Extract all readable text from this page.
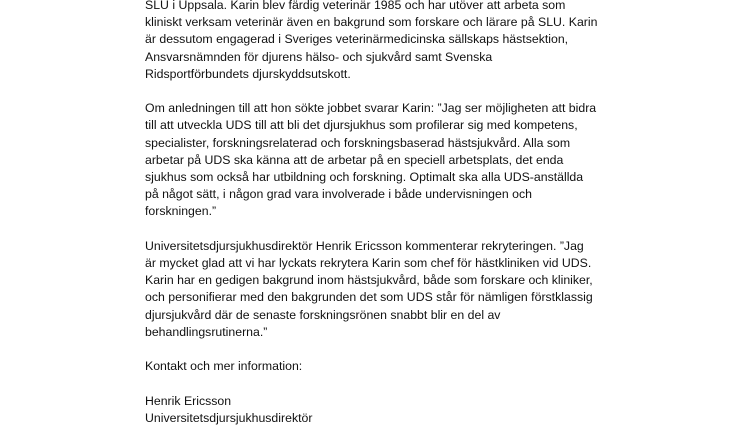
SLU i Uppsala. Karin blev färdig veterinär 1985 och har utöver att arbeta som
kliniskt verksam veterinär även en bakgrund som forskare och lärare på SLU. Karin
är dessutom engagerad i Sveriges veterinärmedicinska sällskaps hästsektion,
Ansvarsnämnden för djurens hälso- och sjukvård samt Svenska
Ridsportförbundets djurskyddsutskott.

Om anledningen till att hon sökte jobbet svarar Karin: ”Jag ser möjligheten att bidra
till att utveckla UDS till att bli det djursjukhus som profilerar sig med kompetens,
specialister, forskningsrelaterad och forskningsbaserad hästsjukvård. Alla som
arbetar på UDS ska känna att de arbetar på en speciell arbetsplats, det enda
sjukhus som också har utbildning och forskning. Optimalt ska alla UDS-anställda
på något sätt, i någon grad vara involverade i både undervisningen och
forskningen.”

Universitetsdjursjukhusdirektör Henrik Ericsson kommenterar rekryteringen. ”Jag
är mycket glad att vi har lyckats rekrytera Karin som chef för hästkliniken vid UDS.
Karin har en gedigen bakgrund inom hästsjukvård, både som forskare och kliniker,
och personifierar med den bakgrunden det som UDS står för nämligen förstklassig
djursjukvård där de senaste forskningsrönen snabbt blir en del av
behandlingsrutinerna.”

Kontakt och mer information:

Henrik Ericsson
Universitetsdjursjukhusdirektör
